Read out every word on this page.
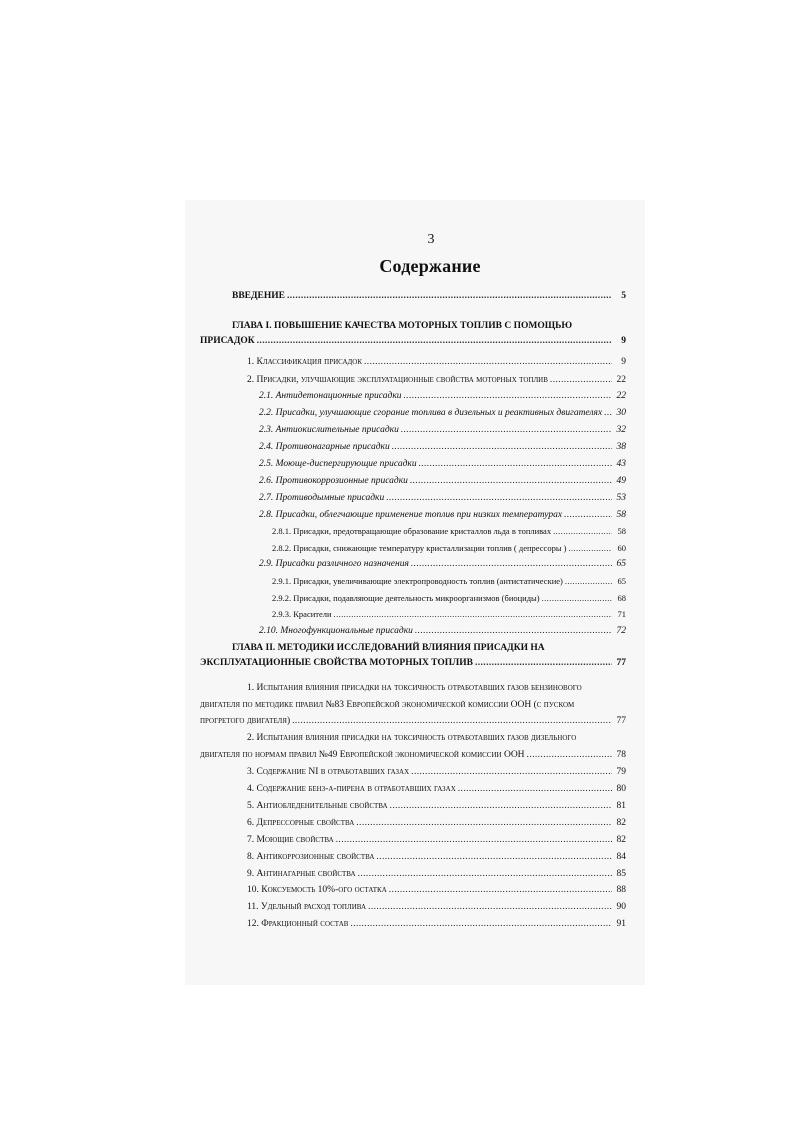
3
Содержание
ВВЕДЕНИЕ .....	5
ГЛАВА I. ПОВЫШЕНИЕ КАЧЕСТВА МОТОРНЫХ ТОПЛИВ С ПОМОЩЬЮ
ПРИСАДОК .....	9
1. Классификация присадок .....	9
2. Присадки, улучшающие эксплуатационные свойства моторных топлив .....	22
2.1. Антидетонационные присадки .....	22
2.2. Присадки, улучшающие сгорание топлива в дизельных и реактивных двигателях ..... 30
2.3. Антиокислительные присадки .....	32
2.4. Противонагарные присадки .....	38
2.5. Моюще-диспергирующие присадки .....	43
2.6. Противокоррозионные присадки .....	49
2.7. Противодымные присадки .....	53
2.8. Присадки, облегчающие применение топлив при низких температурах .....	58
2.8.1. Присадки, предотвращающие образование кристаллов льда в топливах .....	58
2.8.2. Присадки, снижающие температуру кристаллизации топлив ( депрессоры ) .....	60
2.9. Присадки различного назначения .....	65
2.9.1. Присадки, увеличивающие электропроводность топлив (антистатические) .....	65
2.9.2. Присадки, подавляющие деятельность микроорганизмов (биоциды) .....	68
2.9.3. Красители .....	71
2.10. Многофункциональные присадки .....	72
ГЛАВА II. МЕТОДИКИ ИССЛЕДОВАНИЙ ВЛИЯНИЯ ПРИСАДКИ НА
ЭКСПЛУАТАЦИОННЫЕ СВОЙСТВА МОТОРНЫХ ТОПЛИВ .....	77
1. Испытания влияния присадки на токсичность отработавших газов бензинового
двигателя по методике правил №83 Европейской экономической комиссии ООН (с пуском
прогретого двигателя) .....	77
2. Испытания влияния присадки на токсичность отработавших газов дизельного
двигателя по нормам правил №49 Европейской экономической комиссии ООН .....	78
3. Содержание NI в отработавших газах .....	79
4. Содержание бенз-α-пирена в отработавших газах .....	80
5. Антиобледенительные свойства .....	81
6. Депрессорные свойства .....	82
7. Моющие свойства .....	82
8. Антикоррозионные свойства .....	84
9. Антинагарные свойства .....	85
10. Коксуемость 10%-ого остатка .....	88
11. Удельный расход топлива .....	90
12. Фракционный состав .....	91
